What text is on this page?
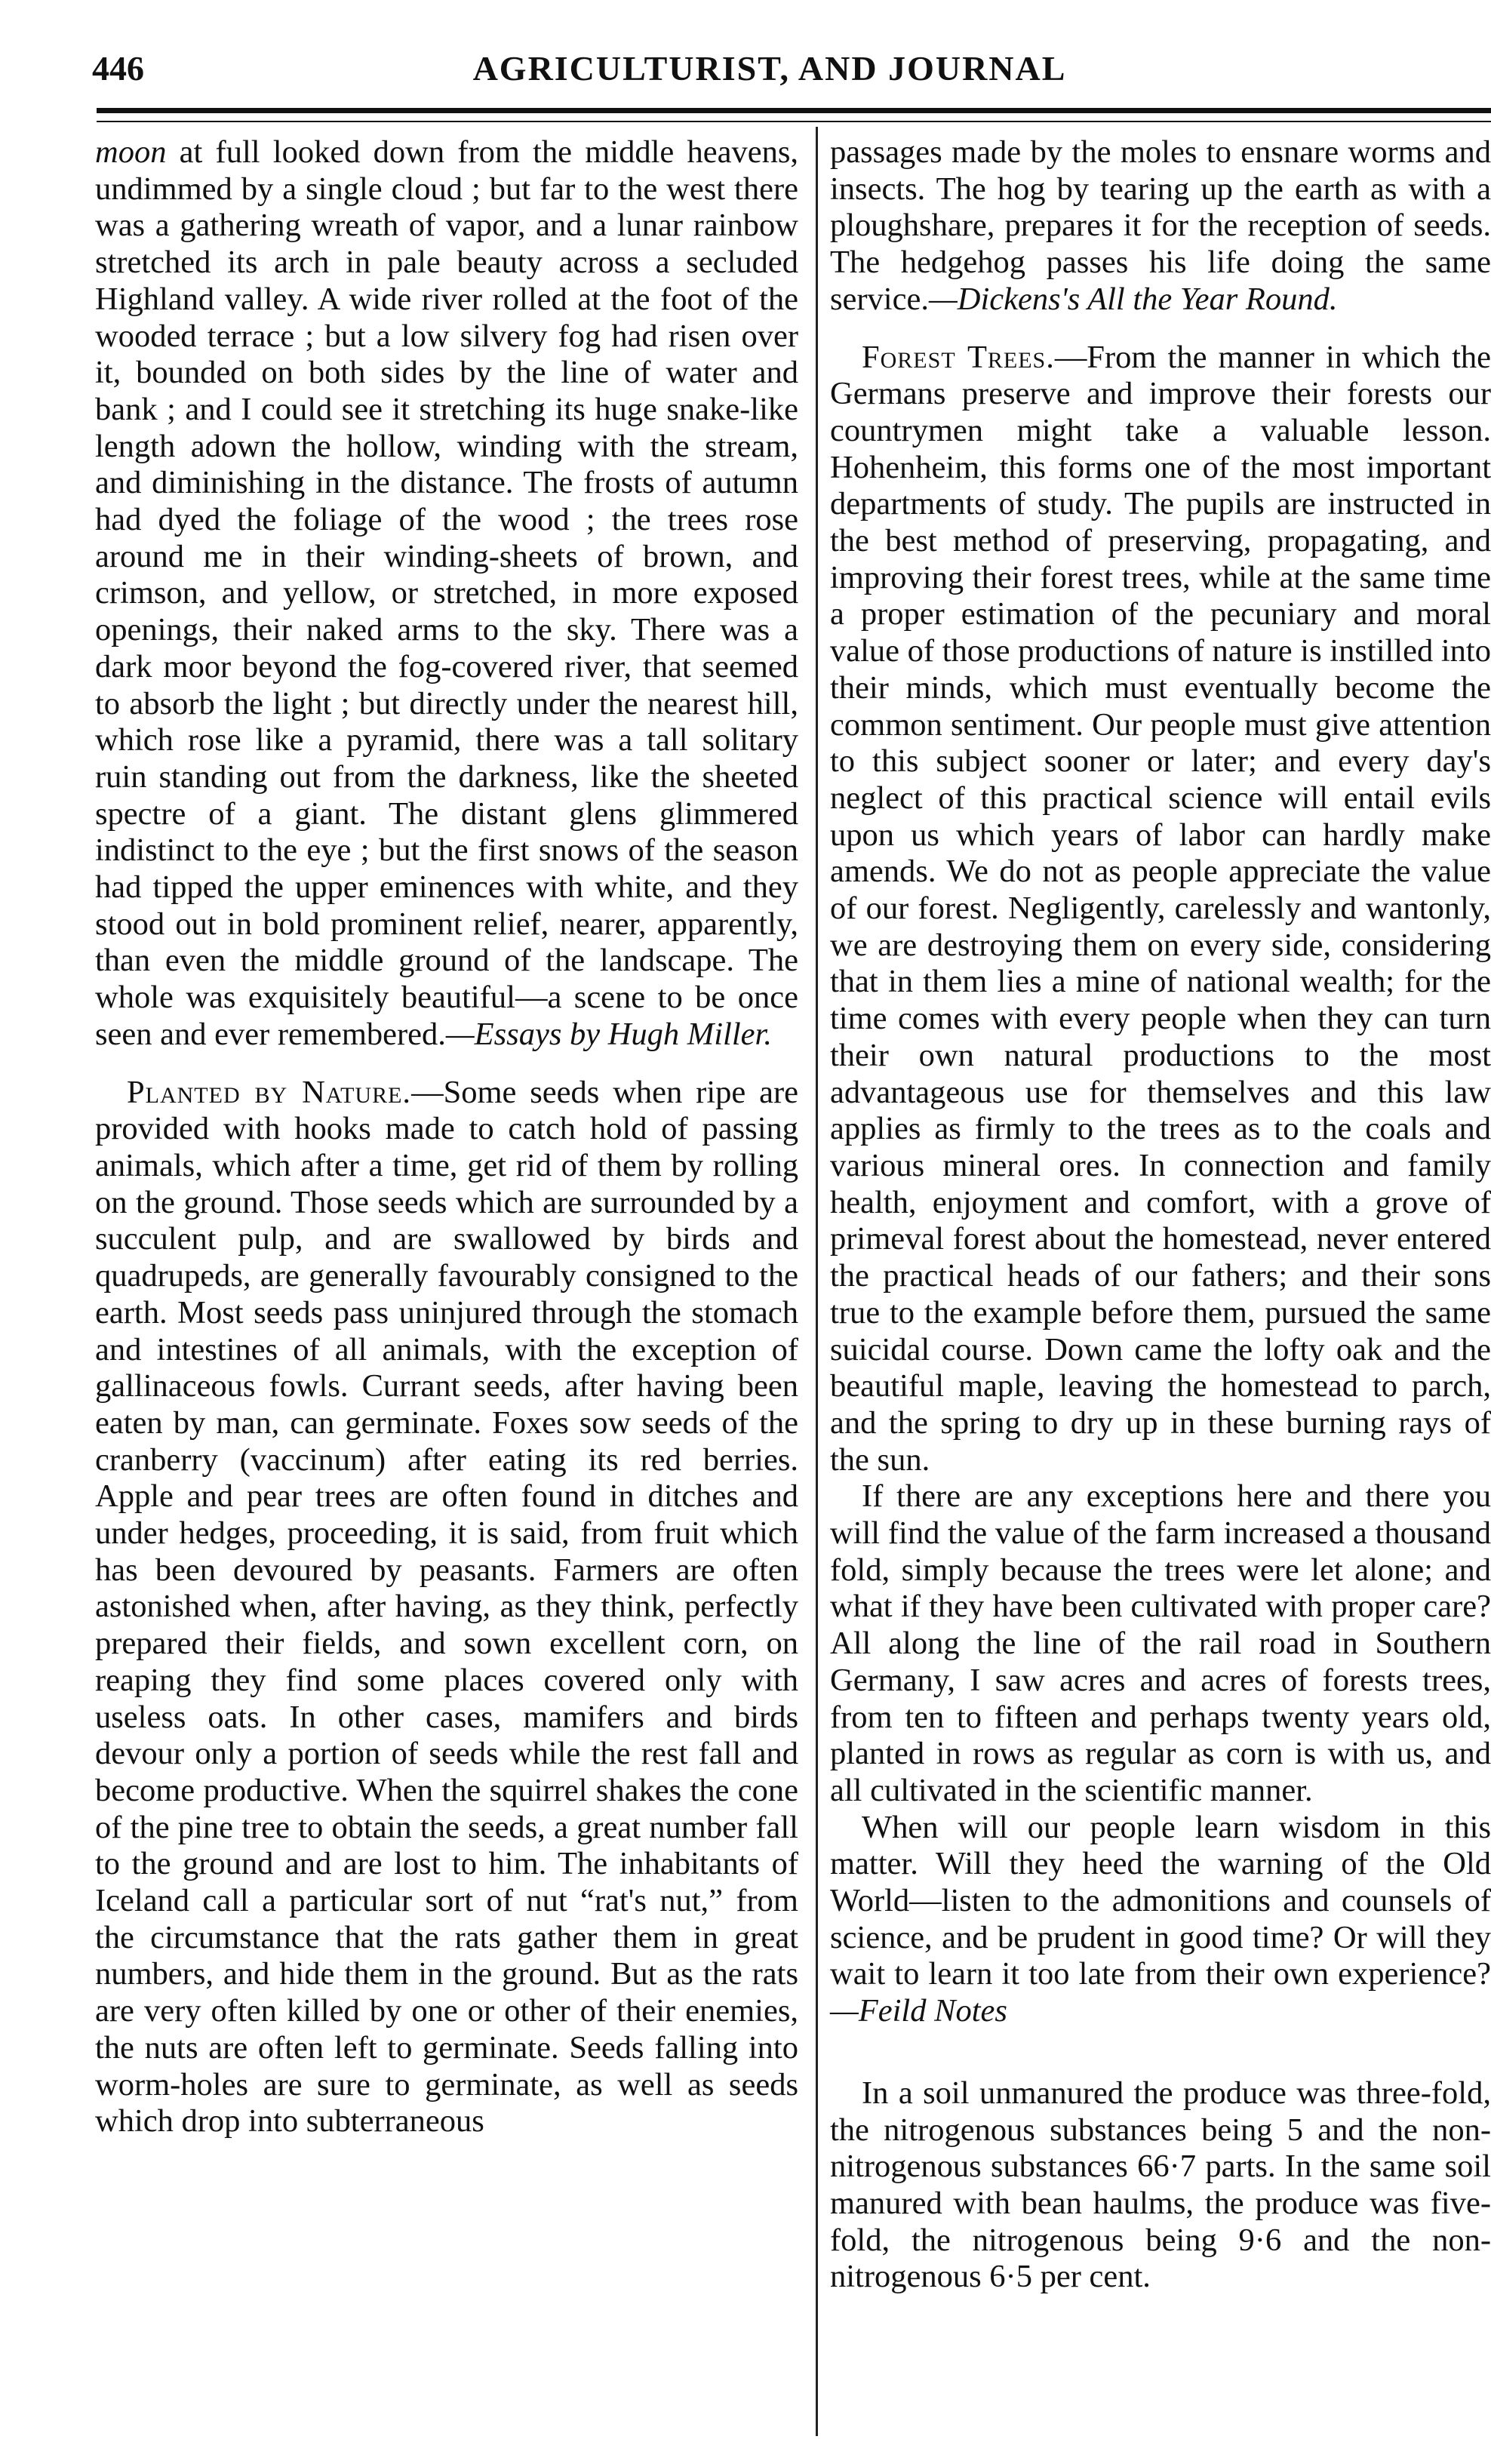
446	AGRICULTURIST, AND JOURNAL

moon at full looked down from the middle heavens, undimmed by a single cloud ; but far to the west there was a gathering wreath of vapor, and a lunar rainbow stretched its arch in pale beauty across a secluded Highland valley. A wide river rolled at the foot of the wooded terrace ; but a low silvery fog had risen over it, bounded on both sides by the line of water and bank ; and I could see it stretching its huge snake-like length adown the hollow, winding with the stream, and diminishing in the distance. The frosts of autumn had dyed the foliage of the wood ; the trees rose around me in their winding-sheets of brown, and crimson, and yellow, or stretched, in more exposed openings, their naked arms to the sky. There was a dark moor beyond the fog-covered river, that seemed to absorb the light ; but directly under the nearest hill, which rose like a pyramid, there was a tall solitary ruin standing out from the darkness, like the sheeted spectre of a giant. The distant glens glimmered indistinct to the eye ; but the first snows of the season had tipped the upper eminences with white, and they stood out in bold prominent relief, nearer, apparently, than even the middle ground of the landscape. The whole was exquisitely beautiful—a scene to be once seen and ever remembered.—Essays by Hugh Miller.

Planted by Nature.—Some seeds when ripe are provided with hooks made to catch hold of passing animals, which after a time, get rid of them by rolling on the ground. Those seeds which are surrounded by a succulent pulp, and are swallowed by birds and quadrupeds, are generally favourably consigned to the earth. Most seeds pass uninjured through the stomach and intestines of all animals, with the exception of gallinaceous fowls. Currant seeds, after having been eaten by man, can germinate. Foxes sow seeds of the cranberry (vaccinum) after eating its red berries. Apple and pear trees are often found in ditches and under hedges, proceeding, it is said, from fruit which has been devoured by peasants. Farmers are often astonished when, after having, as they think, perfectly prepared their fields, and sown excellent corn, on reaping they find some places covered only with useless oats. In other cases, mamifers and birds devour only a portion of seeds while the rest fall and become productive. When the squirrel shakes the cone of the pine tree to obtain the seeds, a great number fall to the ground and are lost to him. The inhabitants of Iceland call a particular sort of nut “rat's nut,” from the circumstance that the rats gather them in great numbers, and hide them in the ground. But as the rats are very often killed by one or other of their enemies, the nuts are often left to germinate. Seeds falling into worm-holes are sure to germinate, as well as seeds which drop into subterraneous

passages made by the moles to ensnare worms and insects. The hog by tearing up the earth as with a ploughshare, prepares it for the reception of seeds. The hedgehog passes his life doing the same service.—Dickens's All the Year Round.

Forest Trees.—From the manner in which the Germans preserve and improve their forests our countrymen might take a valuable lesson. Hohenheim, this forms one of the most important departments of study. The pupils are instructed in the best method of preserving, propagating, and improving their forest trees, while at the same time a proper estimation of the pecuniary and moral value of those productions of nature is instilled into their minds, which must eventually become the common sentiment. Our people must give attention to this subject sooner or later; and every day's neglect of this practical science will entail evils upon us which years of labor can hardly make amends. We do not as people appreciate the value of our forest. Negligently, carelessly and wantonly, we are destroying them on every side, considering that in them lies a mine of national wealth; for the time comes with every people when they can turn their own natural productions to the most advantageous use for themselves and this law applies as firmly to the trees as to the coals and various mineral ores. In connection and family health, enjoyment and comfort, with a grove of primeval forest about the homestead, never entered the practical heads of our fathers; and their sons true to the example before them, pursued the same suicidal course. Down came the lofty oak and the beautiful maple, leaving the homestead to parch, and the spring to dry up in these burning rays of the sun.

If there are any exceptions here and there you will find the value of the farm increased a thousand fold, simply because the trees were let alone; and what if they have been cultivated with proper care? All along the line of the rail road in Southern Germany, I saw acres and acres of forests trees, from ten to fifteen and perhaps twenty years old, planted in rows as regular as corn is with us, and all cultivated in the scientific manner.

When will our people learn wisdom in this matter. Will they heed the warning of the Old World—listen to the admonitions and counsels of science, and be prudent in good time? Or will they wait to learn it too late from their own experience?—Feild Notes

In a soil unmanured the produce was three-fold, the nitrogenous substances being 5 and the non-nitrogenous substances 66·7 parts. In the same soil manured with bean haulms, the produce was five-fold, the nitrogenous being 9·6 and the non-nitrogenous 6·5 per cent.
